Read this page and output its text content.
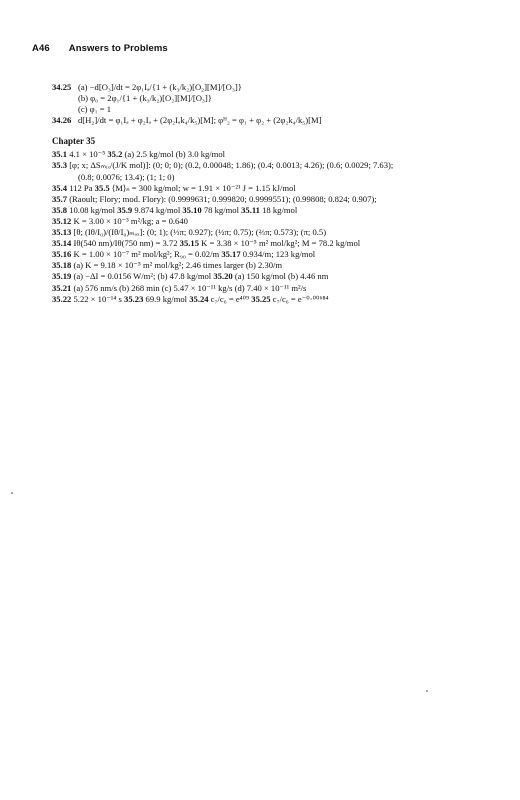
A46 Answers to Problems
34.25 (a) −d[O₃]/dt = 2φ₁Iₐ/{1 + (k₃/k₂)[O₂][M]/[O₃]}
(b) φ₀ = 2φ₁/{1 + (k₃/k₂)[O₂][M]/[O₃]}
(c) φ₁ = 1
34.26 d[H₂]/dt = φ₁Iₐ + φ₂Iₐ + (2φ₂Iₐk₄/k₅)[M]; φᴴ₂ = φ₁ + φ₂ + (2φ₂k₄/k₅)[M]
Chapter 35
35.1 4.1 × 10⁻⁵ 35.2 (a) 2.5 kg/mol (b) 3.0 kg/mol
35.3 [φ; x; ΔSₘᵢₓ/(J/K mol)]: (0; 0; 0); (0.2, 0.00048; 1.86); (0.4; 0.0013; 4.26); (0.6; 0.0029; 7.63);
(0.8; 0.0076; 13.4); (1; 1; 0)
35.4 112 Pa 35.5 ⟨M⟩ₙ = 300 kg/mol; w = 1.91 × 10⁻²¹ J = 1.15 kJ/mol
35.7 (Raoult; Flory; mod. Flory): (0.9999631; 0.999820; 0.9999551); (0.99808; 0.824; 0.907);
35.8 10.08 kg/mol 35.9 9.874 kg/mol 35.10 78 kg/mol 35.11 18 kg/mol
35.12 K = 3.00 × 10⁻³ m²/kg; a = 0.640
35.13 [θ; (Iθ/I₀)/(Iθ/I₀)ₘₐₓ]: (0; 1); (⅓π; 0.927); (½π; 0.75); (⅔π; 0.573); (π; 0.5)
35.14 Iθ(540 nm)/Iθ(750 nm) = 3.72 35.15 K = 3.38 × 10⁻⁵ m² mol/kg²; M = 78.2 kg/mol
35.16 K = 1.00 × 10⁻⁷ m² mol/kg²; R₉₀ = 0.02/m 35.17 0.934/m; 123 kg/mol
35.18 (a) K = 9.18 × 10⁻⁵ m² mol/kg²; 2.46 times larger (b) 2.30/m
35.19 (a) −ΔI = 0.0156 W/m²; (b) 47.8 kg/mol 35.20 (a) 150 kg/mol (b) 4.46 nm
35.21 (a) 576 nm/s (b) 268 min (c) 5.47 × 10⁻¹¹ kg/s (d) 7.40 × 10⁻¹¹ m²/s
35.22 5.22 × 10⁻¹⁴ s 35.23 69.9 kg/mol 35.24 c₇/c₆ = e⁴⁰⁹ 35.25 c₇/c₆ = e⁻⁰·⁰⁰⁶⁸⁴
